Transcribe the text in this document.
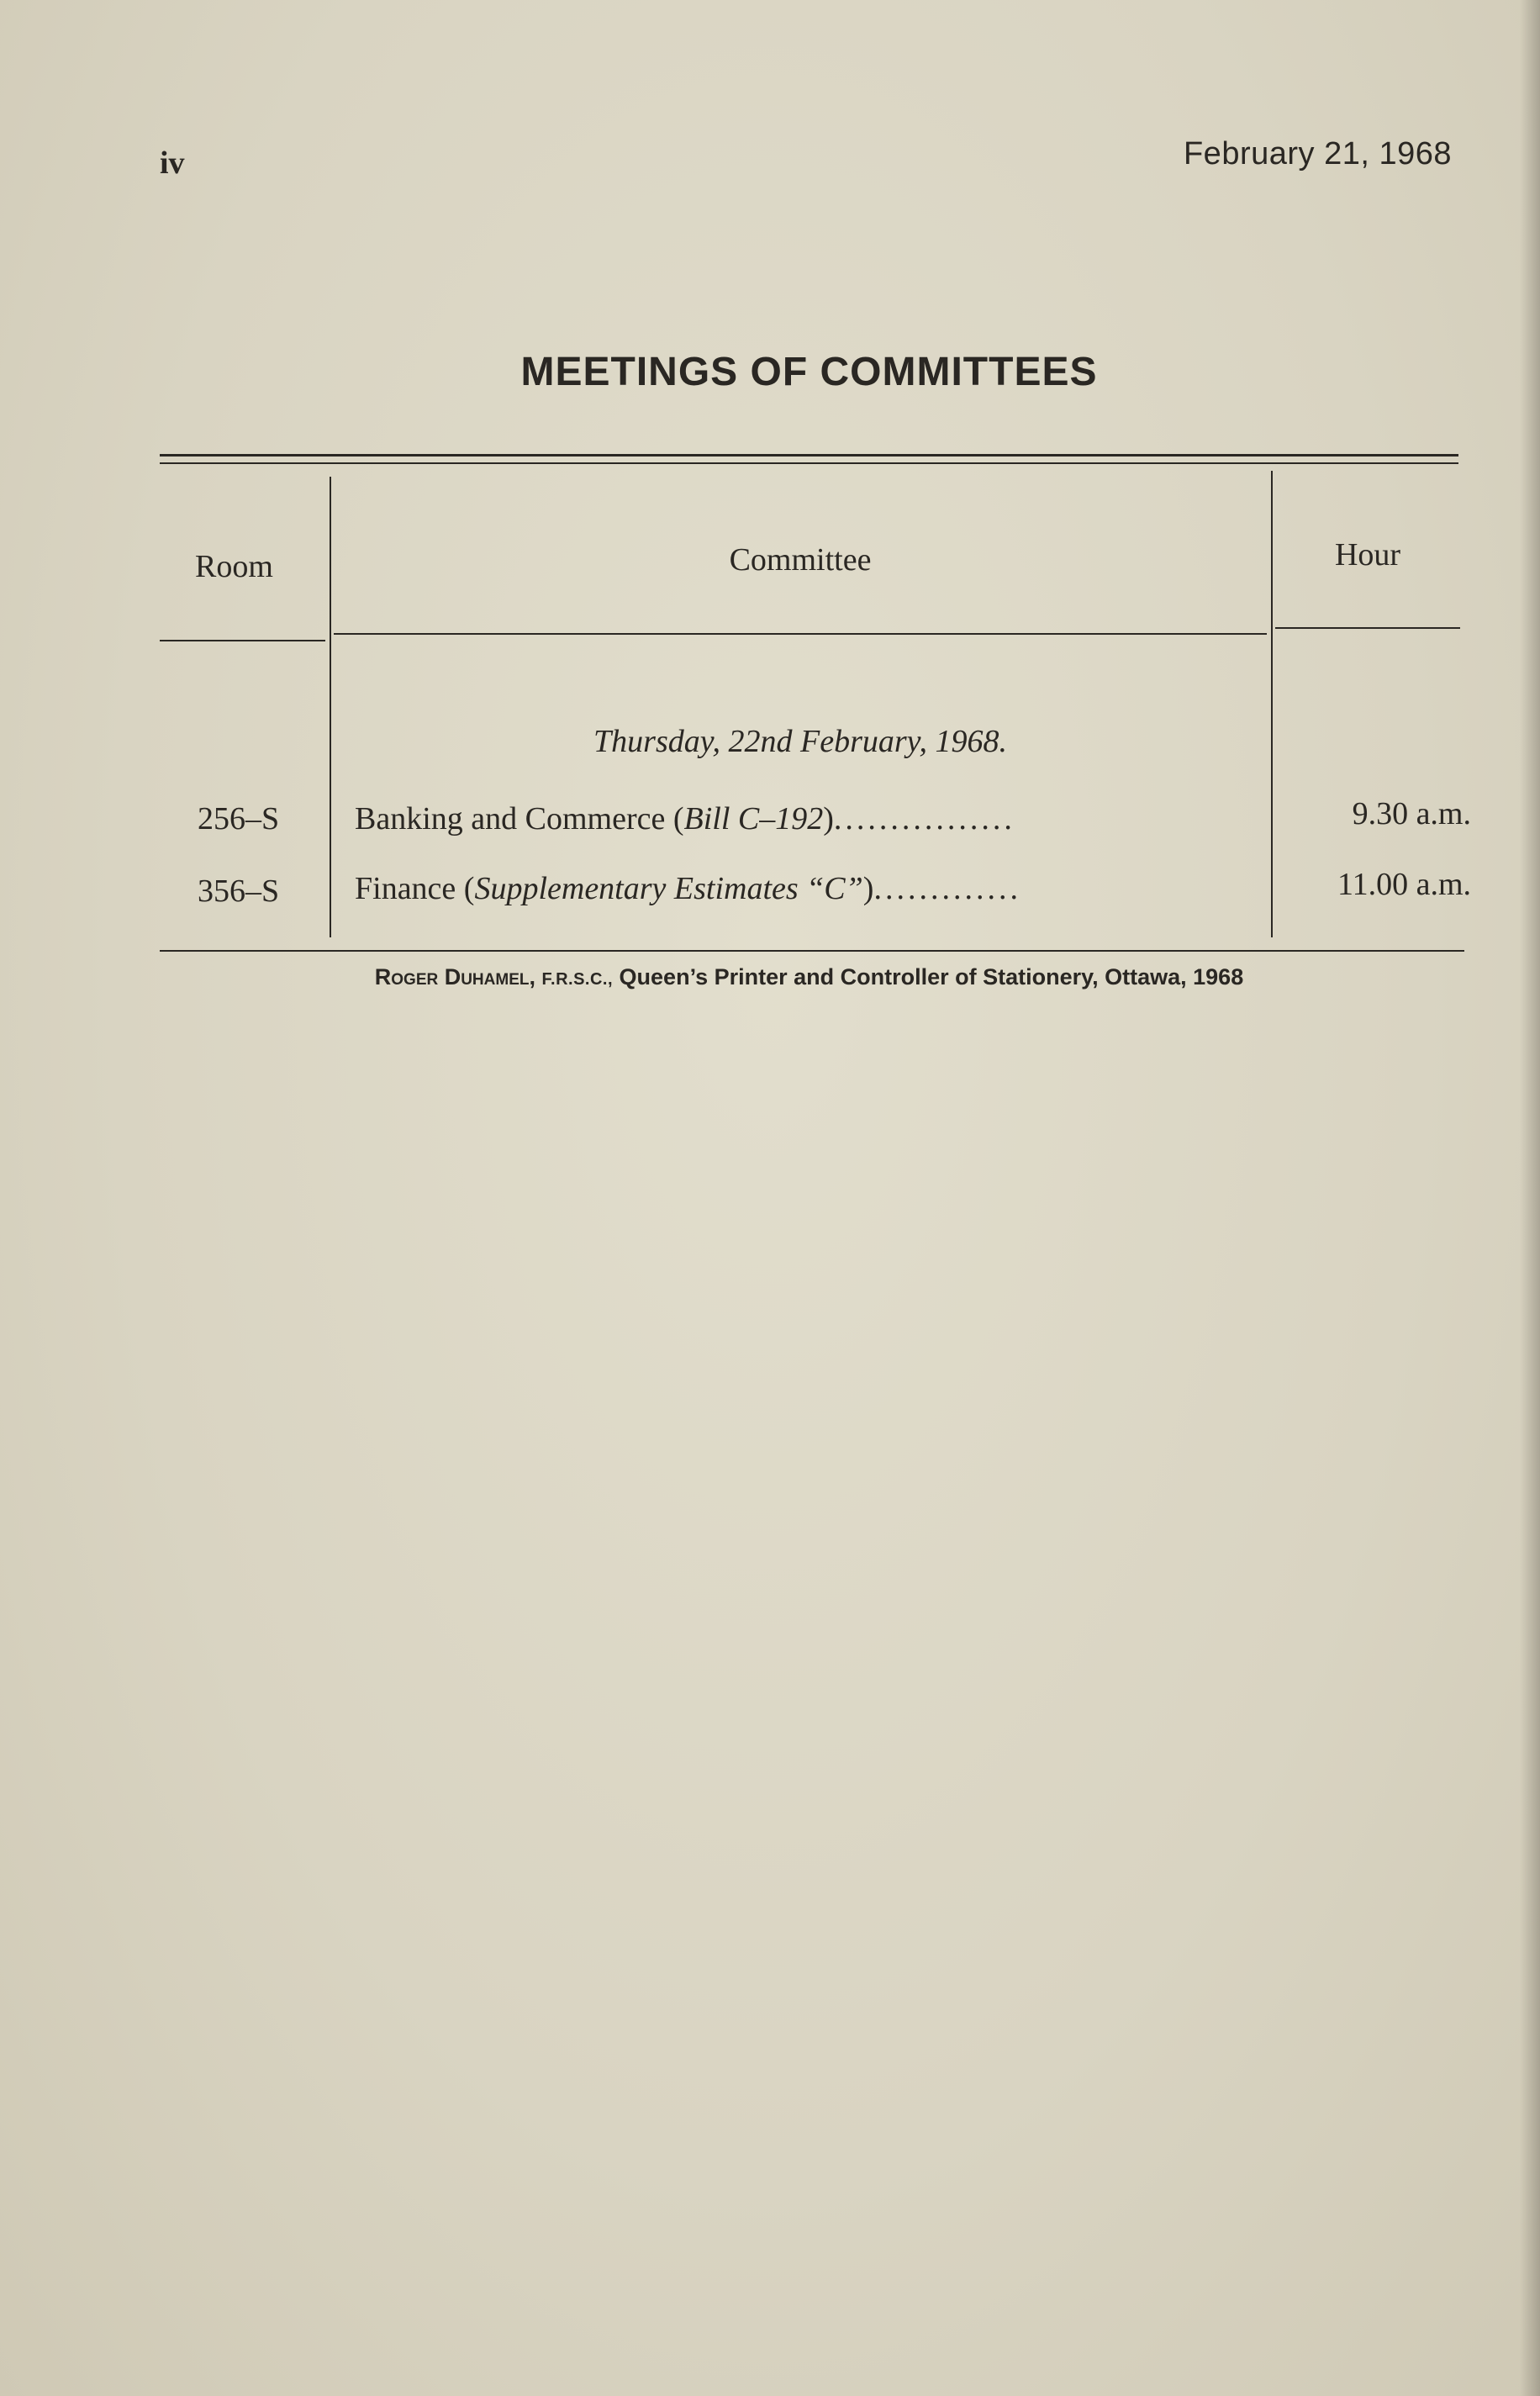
iv	February 21, 1968
MEETINGS OF COMMITTEES
Room	Committee	Hour
Thursday, 22nd February, 1968.
256–S Banking and Commerce (Bill C–192)................	9.30 a.m.
356–S Finance (Supplementary Estimates “C”).............	11.00 a.m.
Roger Duhamel, F.R.S.C., Queen’s Printer and Controller of Stationery, Ottawa, 1968
